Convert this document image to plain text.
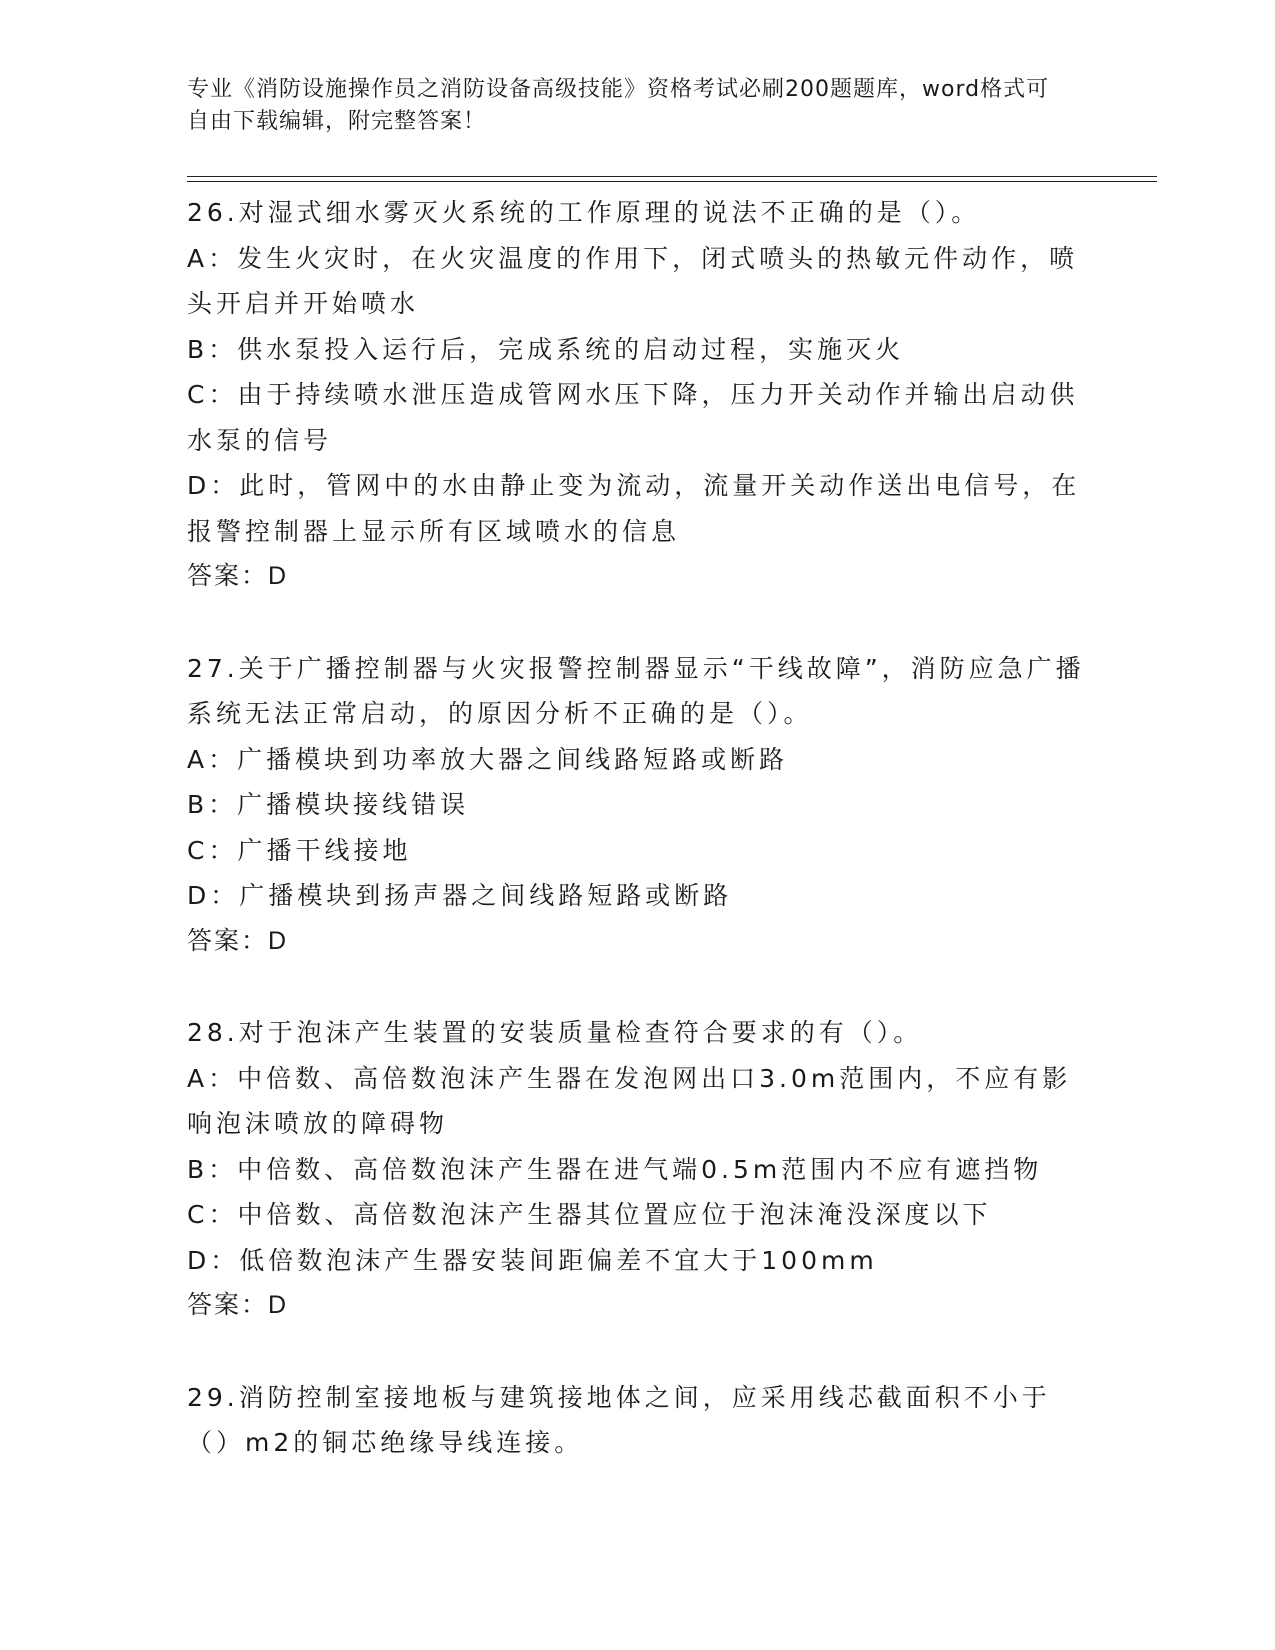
专业《消防设施操作员之消防设备高级技能》资格考试必刷200题题库，word格式可自由下载编辑，附完整答案！

26.对湿式细水雾灭火系统的工作原理的说法不正确的是（）。

A：发生火灾时，在火灾温度的作用下，闭式喷头的热敏元件动作，喷头开启并开始喷水

B：供水泵投入运行后，完成系统的启动过程，实施灭火

C：由于持续喷水泄压造成管网水压下降，压力开关动作并输出启动供水泵的信号

D：此时，管网中的水由静止变为流动，流量开关动作送出电信号，在报警控制器上显示所有区域喷水的信息

答案：D

27.关于广播控制器与火灾报警控制器显示“干线故障”，消防应急广播系统无法正常启动，的原因分析不正确的是（）。

A：广播模块到功率放大器之间线路短路或断路

B：广播模块接线错误

C：广播干线接地

D：广播模块到扬声器之间线路短路或断路

答案：D

28.对于泡沫产生装置的安装质量检查符合要求的有（）。

A：中倍数、高倍数泡沫产生器在发泡网出口3.0m范围内，不应有影响泡沫喷放的障碍物

B：中倍数、高倍数泡沫产生器在进气端0.5m范围内不应有遮挡物

C：中倍数、高倍数泡沫产生器其位置应位于泡沫淹没深度以下

D：低倍数泡沫产生器安装间距偏差不宜大于100mm

答案：D

29.消防控制室接地板与建筑接地体之间，应采用线芯截面积不小于（）m2的铜芯绝缘导线连接。
